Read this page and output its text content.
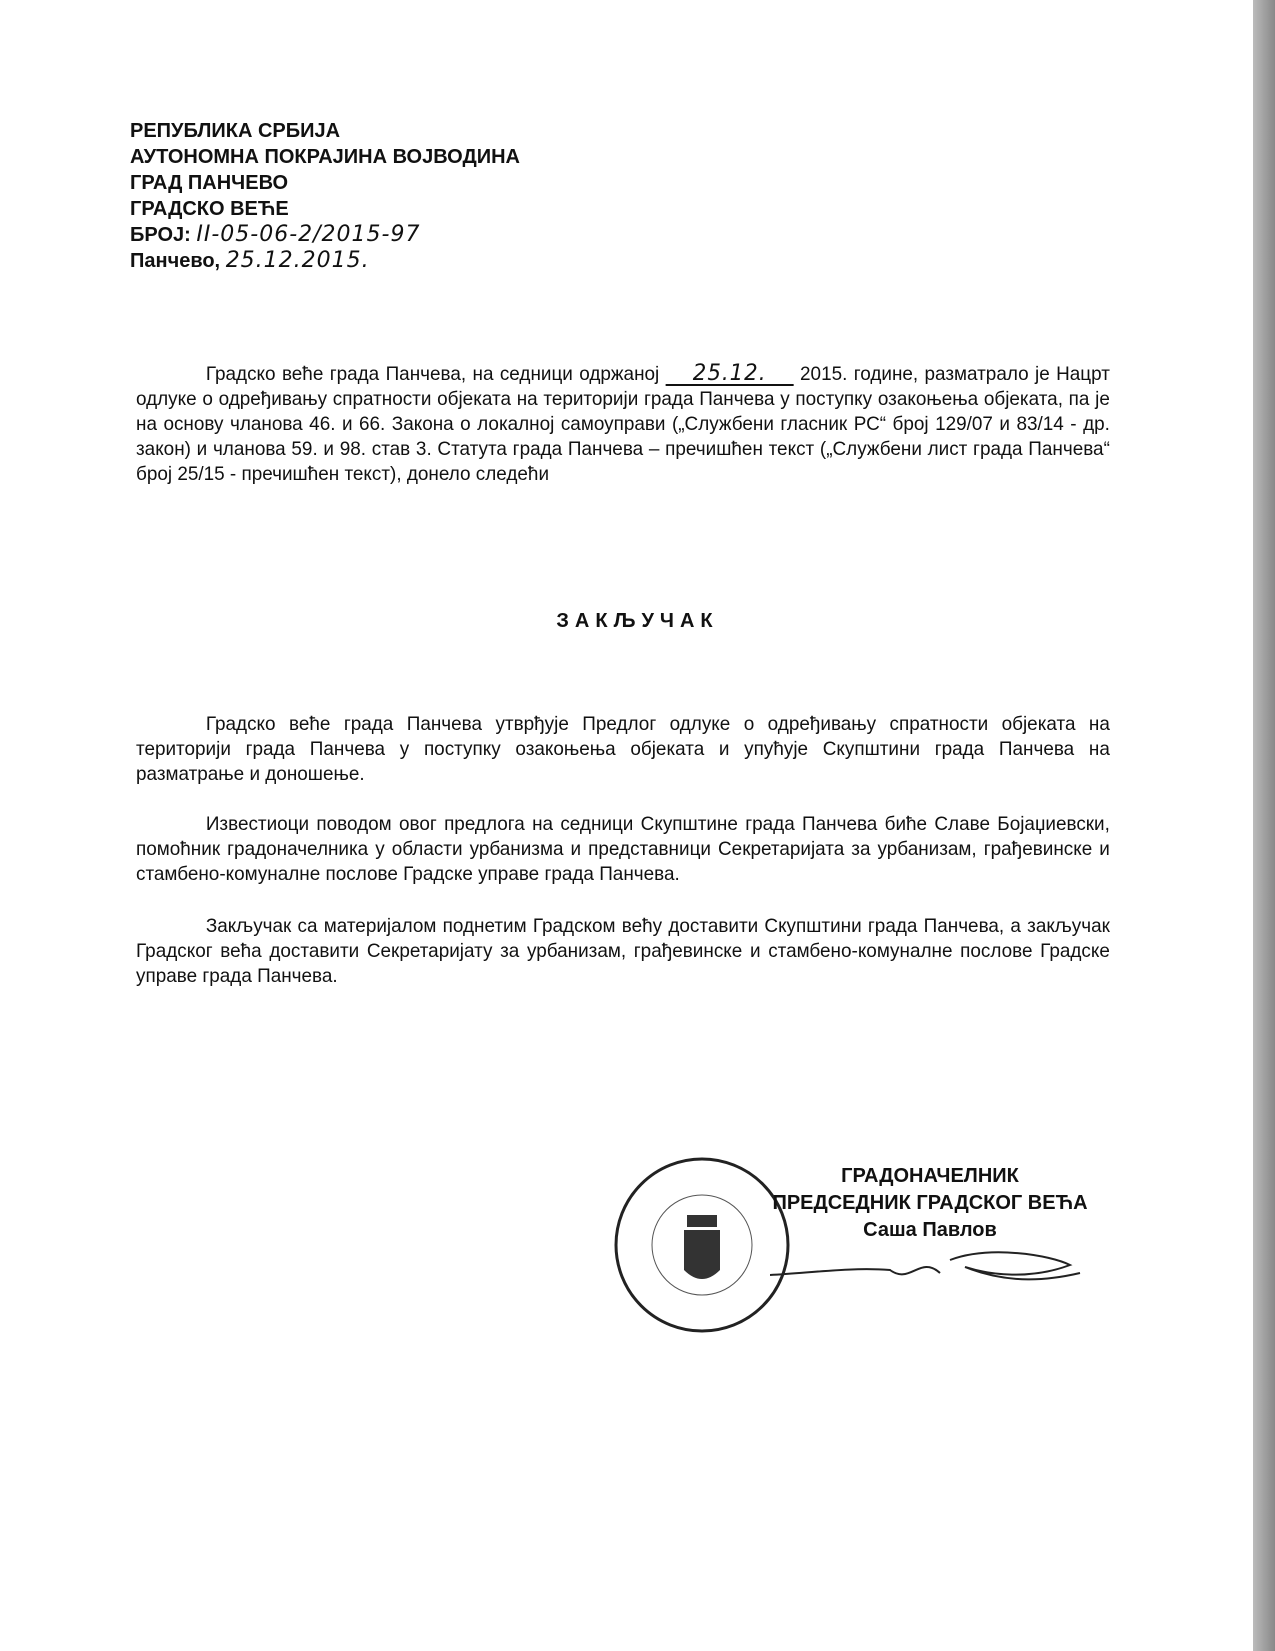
РЕПУБЛИКА СРБИЈА
АУТОНОМНА ПОКРАЈИНА ВОЈВОДИНА
ГРАД ПАНЧЕВО
ГРАДСКО ВЕЋЕ
БРОЈ: II-05-06-2/2015-97
Панчево, 25.12.2015.
Градско веће града Панчева, на седници одржаној 25.12. 2015. године, разматрало је Нацрт одлуке о одређивању спратности објеката на територији града Панчева у поступку озакоњења објеката, па је на основу чланова 46. и 66. Закона о локалној самоуправи („Службени гласник РС“ број 129/07 и 83/14 - др. закон) и чланова 59. и 98. став 3. Статута града Панчева – пречишћен текст („Службени лист града Панчева“ број 25/15 - пречишћен текст), донело следећи
ЗАКЉУЧАК
Градско веће града Панчева утврђује Предлог одлуке о одређивању спратности објеката на територији града Панчева у поступку озакоњења објеката и упућује Скупштини града Панчева на разматрање и доношење.
Известиоци поводом овог предлога на седници Скупштине града Панчева биће Славе Бојаџиевски, помоћник градоначелника у области урбанизма и представници Секретаријата за урбанизам, грађевинске и стамбено-комуналне послове Градске управе града Панчева.
Закључак са материјалом поднетим Градском већу доставити Скупштини града Панчева, а закључак Градског већа доставити Секретаријату за урбанизам, грађевинске и стамбено-комуналне послове Градске управе града Панчева.
ГРАДОНАЧЕЛНИК
ПРЕДСЕДНИК ГРАДСКОГ ВЕЋА
Саша Павлов
